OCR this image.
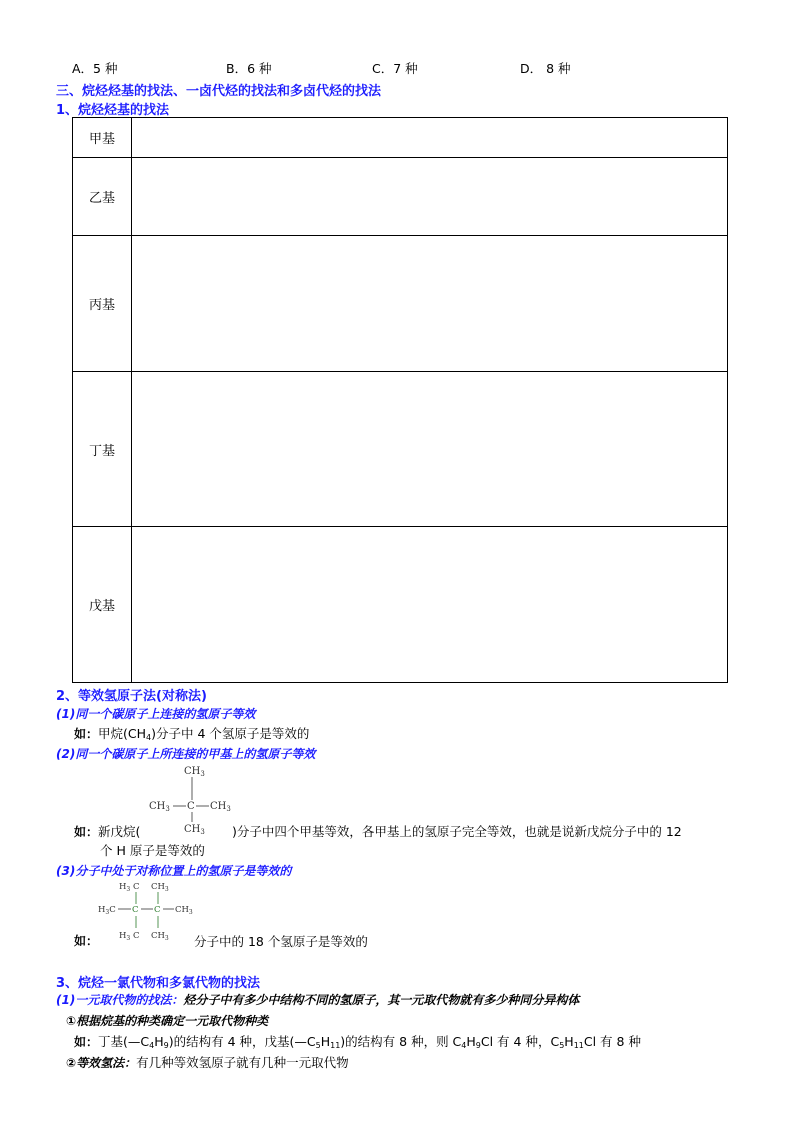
A．5 种	B．6 种	C．7 种	D． 8 种
三、烷烃烃基的找法、一卤代烃的找法和多卤代烃的找法
1、烷烃烃基的找法
甲基	
乙基	
丙基	
丁基	
戊基	
2、等效氢原子法(对称法)
(1)同一个碳原子上连接的氢原子等效
如：甲烷$(CH_4)$分子中 4 个氢原子是等效的
(2)同一个碳原子上所连接的甲基上的氢原子等效
$CH_3$
$CH_3$ C $CH_3$
$CH_3$
如：新戊烷(	)分子中四个甲基等效，各甲基上的氢原子完全等效，也就是说新戊烷分子中的 12
个 H 原子是等效的
(3)分子中处于对称位置上的氢原子是等效的
$H_3$ C $CH_3$
$H_3C$ C C $CH_3$
$H_3$ C $CH_3$
如：	分子中的 18 个氢原子是等效的
3、烷烃一氯代物和多氯代物的找法
(1)一元取代物的找法：烃分子中有多少中结构不同的氢原子，其一元取代物就有多少种同分异构体
①根据烷基的种类确定一元取代物种类
如：丁基$(—C_4H_9)$的结构有 4 种，戊基$(—C_5H_{11})$的结构有 8 种，则 $C_4H_9Cl$ 有 4 种，$C_5H_{11}Cl$ 有 8 种
②等效氢法：有几种等效氢原子就有几种一元取代物
